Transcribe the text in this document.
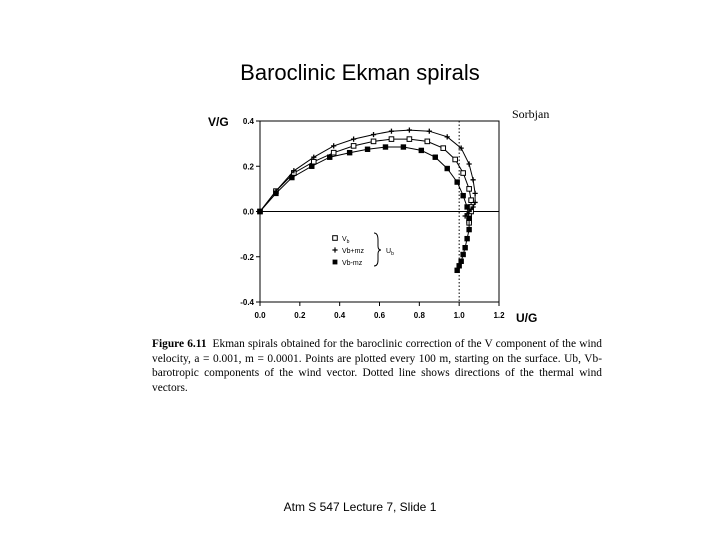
Baroclinic Ekman spirals
Sorbjan
0.0	0.2	0.4	0.6	0.8	1.0	1.2
0.4
0.2
0.0
-0.2
-0.4
V/G
U/G
$V_b$
Vb+mz
Vb-mz
$U_b$
Figure 6.11 Ekman spirals obtained for the baroclinic correction of the V component of the wind velocity, a = 0.001, m = 0.0001. Points are plotted every 100 m, starting on the surface. Ub, Vb-barotropic components of the wind vector. Dotted line shows directions of the thermal wind vectors.
Atm S 547 Lecture 7, Slide 1
